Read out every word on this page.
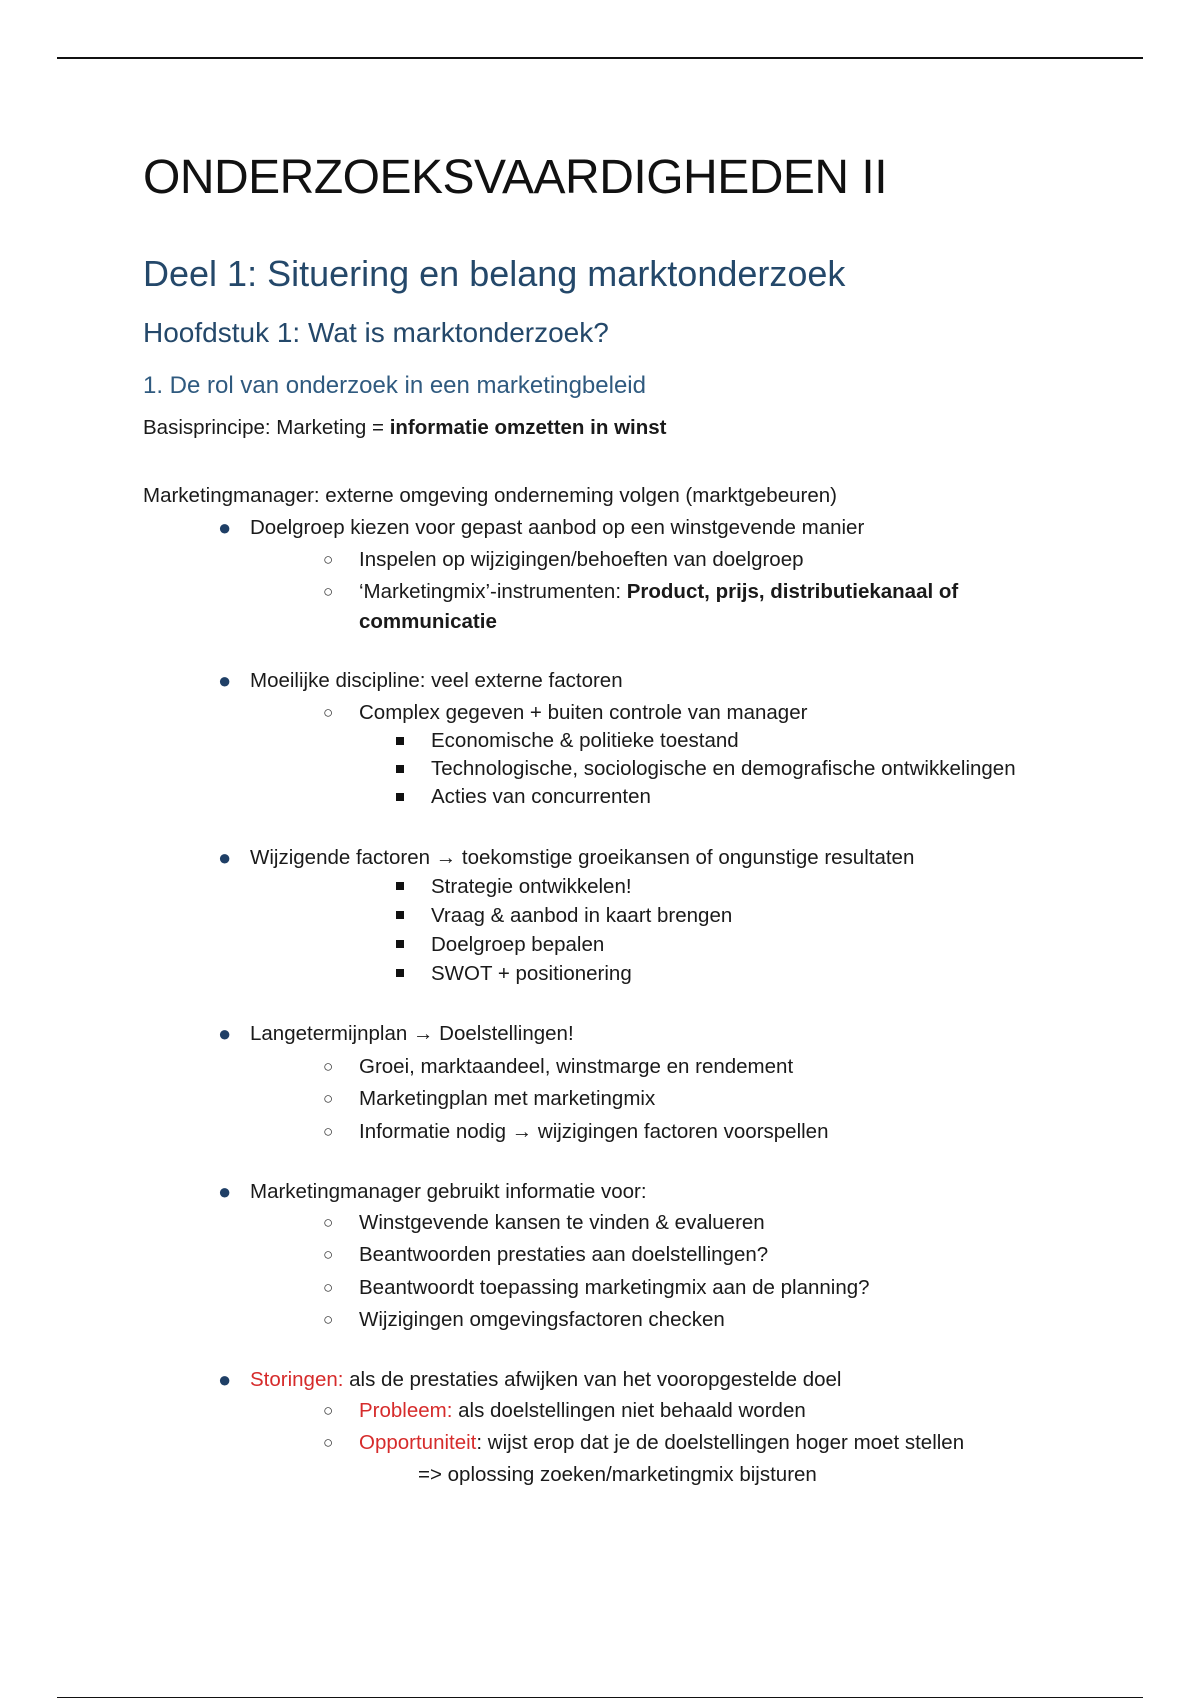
ONDERZOEKSVAARDIGHEDEN II
Deel 1: Situering en belang marktonderzoek
Hoofdstuk 1: Wat is marktonderzoek?
1. De rol van onderzoek in een marketingbeleid
Basisprincipe: Marketing = informatie omzetten in winst
Marketingmanager: externe omgeving onderneming volgen (marktgebeuren)
● Doelgroep kiezen voor gepast aanbod op een winstgevende manier
○ Inspelen op wijzigingen/behoeften van doelgroep
○ ‘Marketingmix’-instrumenten: Product, prijs, distributiekanaal of
communicatie
● Moeilijke discipline: veel externe factoren
○ Complex gegeven + buiten controle van manager
Economische & politieke toestand
Technologische, sociologische en demografische ontwikkelingen
Acties van concurrenten
● Wijzigende factoren → toekomstige groeikansen of ongunstige resultaten
Strategie ontwikkelen!
Vraag & aanbod in kaart brengen
Doelgroep bepalen
SWOT + positionering
● Langetermijnplan → Doelstellingen!
○ Groei, marktaandeel, winstmarge en rendement
○ Marketingplan met marketingmix
○ Informatie nodig → wijzigingen factoren voorspellen
● Marketingmanager gebruikt informatie voor:
○ Winstgevende kansen te vinden & evalueren
○ Beantwoorden prestaties aan doelstellingen?
○ Beantwoordt toepassing marketingmix aan de planning?
○ Wijzigingen omgevingsfactoren checken
● Storingen: als de prestaties afwijken van het vooropgestelde doel
○ Probleem: als doelstellingen niet behaald worden
○ Opportuniteit: wijst erop dat je de doelstellingen hoger moet stellen
=> oplossing zoeken/marketingmix bijsturen
